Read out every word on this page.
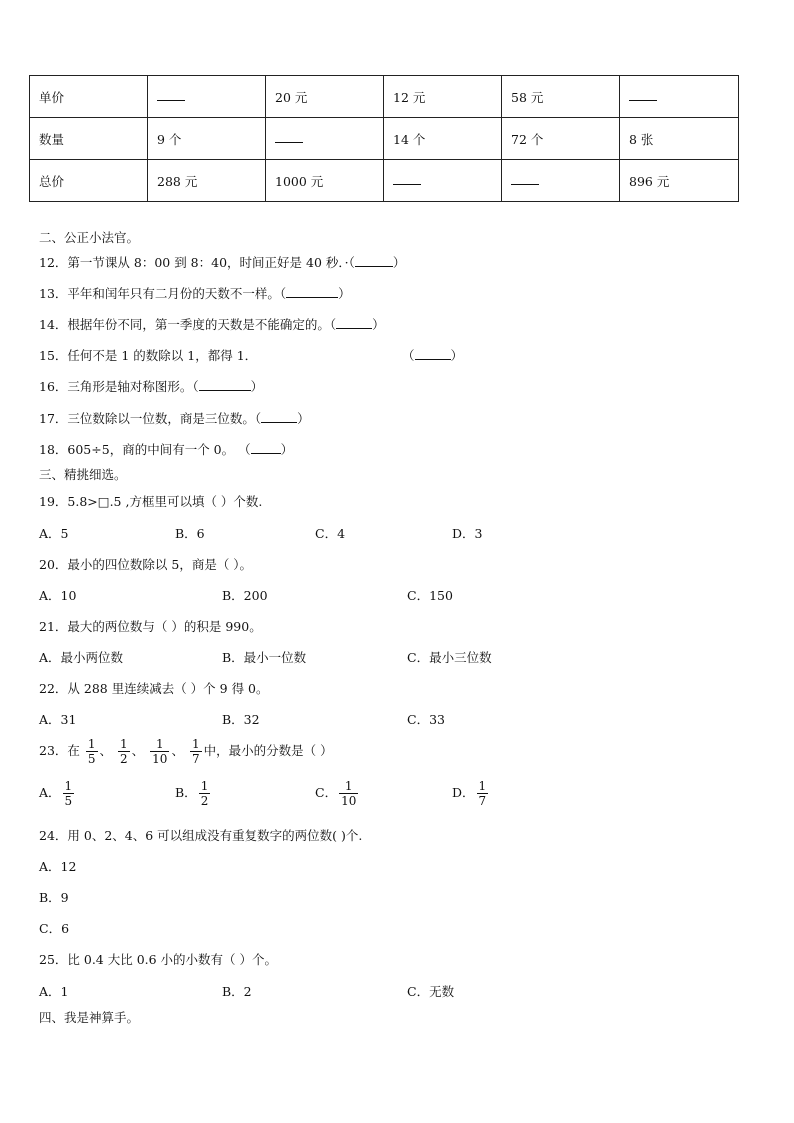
单价		20 元	12 元	58 元	
数量	9 个		14 个	72 个	8 张
总价	288 元	1000 元			896 元
二、公正小法官。
12．第一节课从 8：00 到 8：40，时间正好是 40 秒．·（	）
13．平年和闰年只有二月份的天数不一样。（	）
14．根据年份不同，第一季度的天数是不能确定的。（	）
15．任何不是 1 的数除以 1，都得 1．	（	）
16．三角形是轴对称图形。（	）
17．三位数除以一位数，商是三位数。（	）
18．605÷5，商的中间有一个 0。 （ ）
三、精挑细选。
19．5.8>□.5 ,方框里可以填（ ）个数.
A．5	B．6	C．4	D．3
20．最小的四位数除以 5，商是（ ）。
A．10	B．200	C．150
21．最大的两位数与（ ）的积是 990。
A．最小两位数	B．最小一位数	C．最小三位数
22．从 288 里连续减去（ ）个 9 得 0。
A．31	B．32	C．33
23．在 $\frac{1}{5}$ 、 $\frac{1}{2}$ 、 $\frac{1}{10}$ 、 $\frac{1}{7}$ 中，最小的分数是（ ）
A． $\frac{1}{5}$	B． $\frac{1}{2}$	C． $\frac{1}{10}$	D． $\frac{1}{7}$
24．用 0、2、4、6 可以组成没有重复数字的两位数( )个.
A．12
B．9
C．6
25．比 0.4 大比 0.6 小的小数有（ ）个。
A．1	B．2	C．无数
四、我是神算手。
